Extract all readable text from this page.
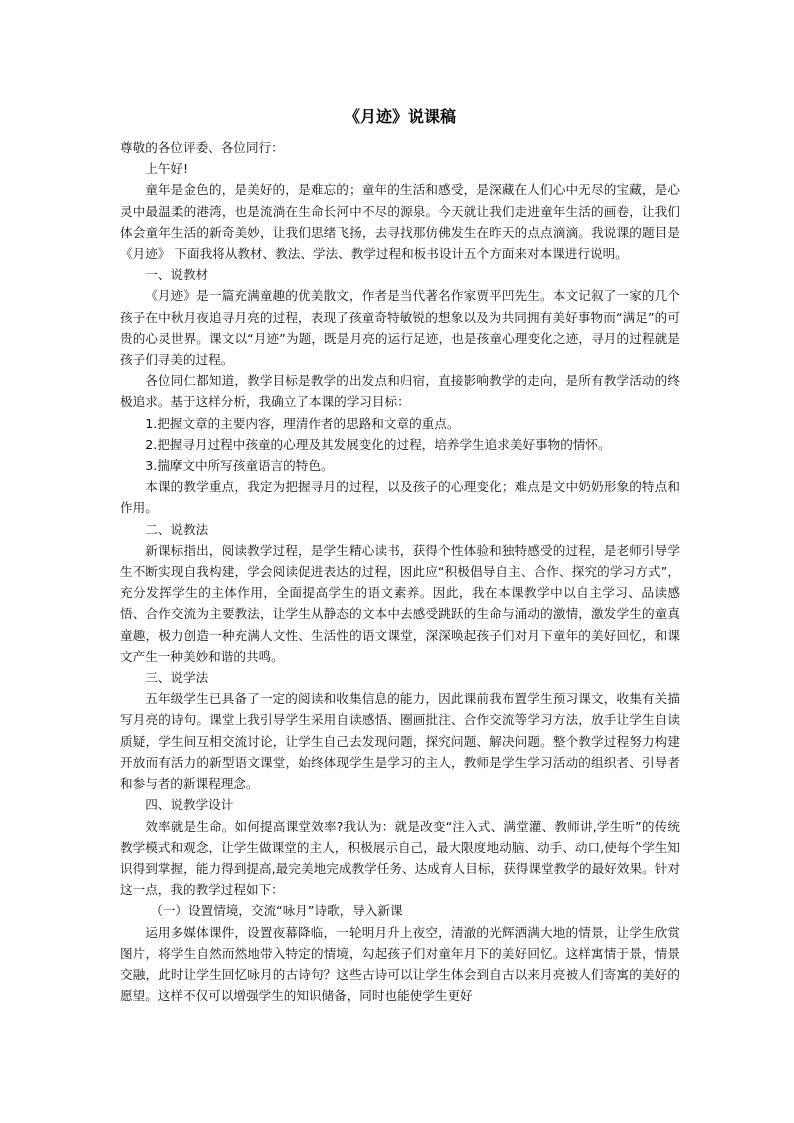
《月迹》说课稿

尊敬的各位评委、各位同行：

上午好!

童年是金色的，是美好的，是难忘的；童年的生活和感受，是深藏在人们心中无尽的宝藏，是心灵中最温柔的港湾，也是流淌在生命长河中不尽的源泉。今天就让我们走进童年生活的画卷，让我们体会童年生活的新奇美妙，让我们思绪飞扬，去寻找那仿佛发生在昨天的点点滴滴。我说课的题目是《月迹》 下面我将从教材、教法、学法、教学过程和板书设计五个方面来对本课进行说明。

一、说教材

《月迹》是一篇充满童趣的优美散文，作者是当代著名作家贾平凹先生。本文记叙了一家的几个孩子在中秋月夜追寻月亮的过程，表现了孩童奇特敏锐的想象以及为共同拥有美好事物而“满足”的可贵的心灵世界。课文以“月迹”为题，既是月亮的运行足迹，也是孩童心理变化之迹，寻月的过程就是孩子们寻美的过程。

各位同仁都知道，教学目标是教学的出发点和归宿，直接影响教学的走向，是所有教学活动的终极追求。基于这样分析，我确立了本课的学习目标：

1.把握文章的主要内容，理清作者的思路和文章的重点。

2.把握寻月过程中孩童的心理及其发展变化的过程，培养学生追求美好事物的情怀。

3.揣摩文中所写孩童语言的特色。

本课的教学重点，我定为把握寻月的过程，以及孩子的心理变化；难点是文中奶奶形象的特点和作用。

二、说教法

新课标指出，阅读教学过程，是学生精心读书，获得个性体验和独特感受的过程，是老师引导学生不断实现自我构建，学会阅读促进表达的过程，因此应“积极倡导自主、合作、探究的学习方式”，充分发挥学生的主体作用，全面提高学生的语文素养。因此，我在本课教学中以自主学习、品读感悟、合作交流为主要教法，让学生从静态的文本中去感受跳跃的生命与涌动的激情，激发学生的童真童趣，极力创造一种充满人文性、生活性的语文课堂，深深唤起孩子们对月下童年的美好回忆，和课文产生一种美妙和谐的共鸣。

三、说学法

五年级学生已具备了一定的阅读和收集信息的能力，因此课前我布置学生预习课文，收集有关描写月亮的诗句。课堂上我引导学生采用自读感悟、圈画批注、合作交流等学习方法，放手让学生自读质疑，学生间互相交流讨论，让学生自己去发现问题，探究问题、解决问题。整个教学过程努力构建开放而有活力的新型语文课堂，始终体现学生是学习的主人，教师是学生学习活动的组织者、引导者和参与者的新课程理念。

四、说教学设计

效率就是生命。如何提高课堂效率?我认为：就是改变“注入式、满堂灌、教师讲,学生听”的传统教学模式和观念，让学生做课堂的主人，积极展示自己，最大限度地动脑、动手、动口,使每个学生知识得到掌握，能力得到提高,最完美地完成教学任务、达成育人目标，获得课堂教学的最好效果。针对这一点，我的教学过程如下：

（一）设置情境，交流“咏月”诗歌，导入新课

运用多媒体课件，设置夜幕降临，一轮明月升上夜空，清澈的光辉洒满大地的情景，让学生欣赏图片，将学生自然而然地带入特定的情境，勾起孩子们对童年月下的美好回忆。这样寓情于景，情景交融，此时让学生回忆咏月的古诗句？这些古诗可以让学生体会到自古以来月亮被人们寄寓的美好的愿望。这样不仅可以增强学生的知识储备，同时也能使学生更好
